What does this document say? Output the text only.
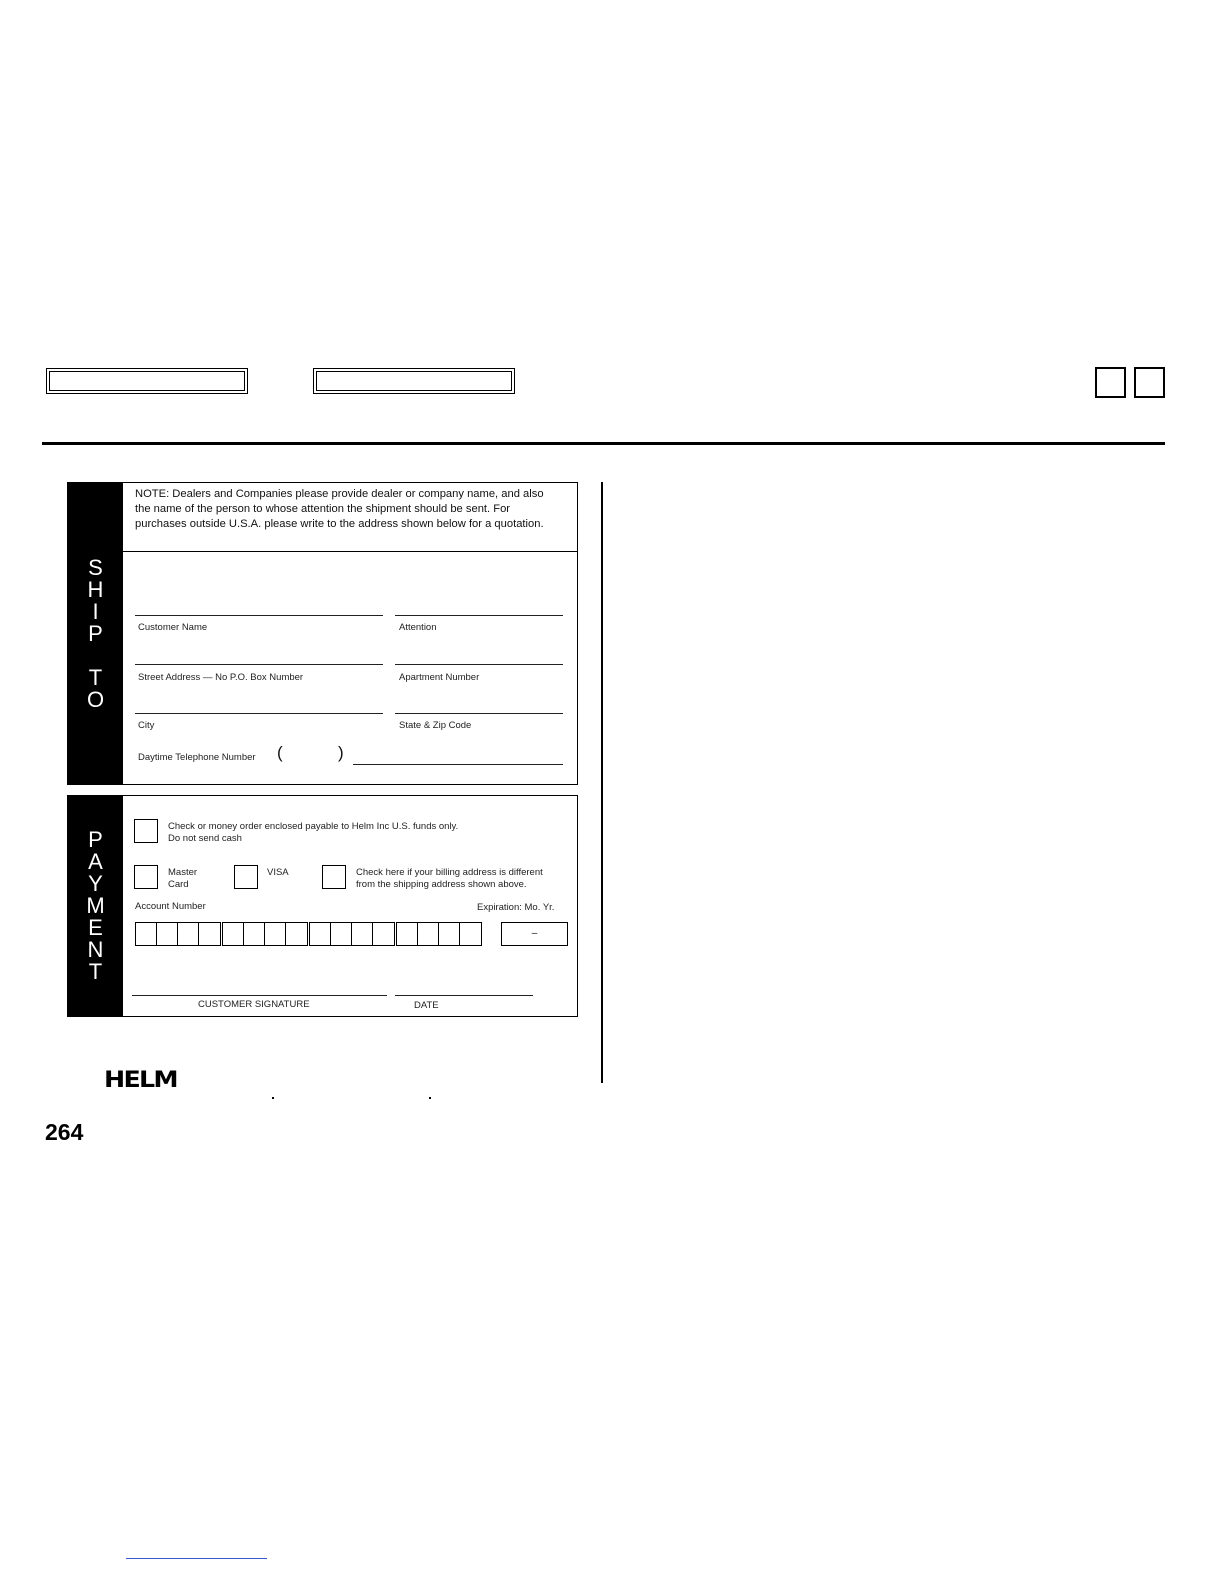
S
H
I
P
T
O
NOTE: Dealers and Companies please provide dealer or company name, and also the name of the person to whose attention the shipment should be sent. For purchases outside U.S.A. please write to the address shown below for a quotation.
Customer Name	Attention
Street Address — No P.O. Box Number	Apartment Number
City	State & Zip Code
Daytime Telephone Number (	)
P
A
Y
M
E
N
T
Check or money order enclosed payable to Helm Inc U.S. funds only.
Do not send cash
Master
Card
VISA	Check here if your billing address is different
from the shipping address shown above.
Account Number	Expiration: Mo. Yr.
–
CUSTOMER SIGNATURE	DATE
HELM
264
